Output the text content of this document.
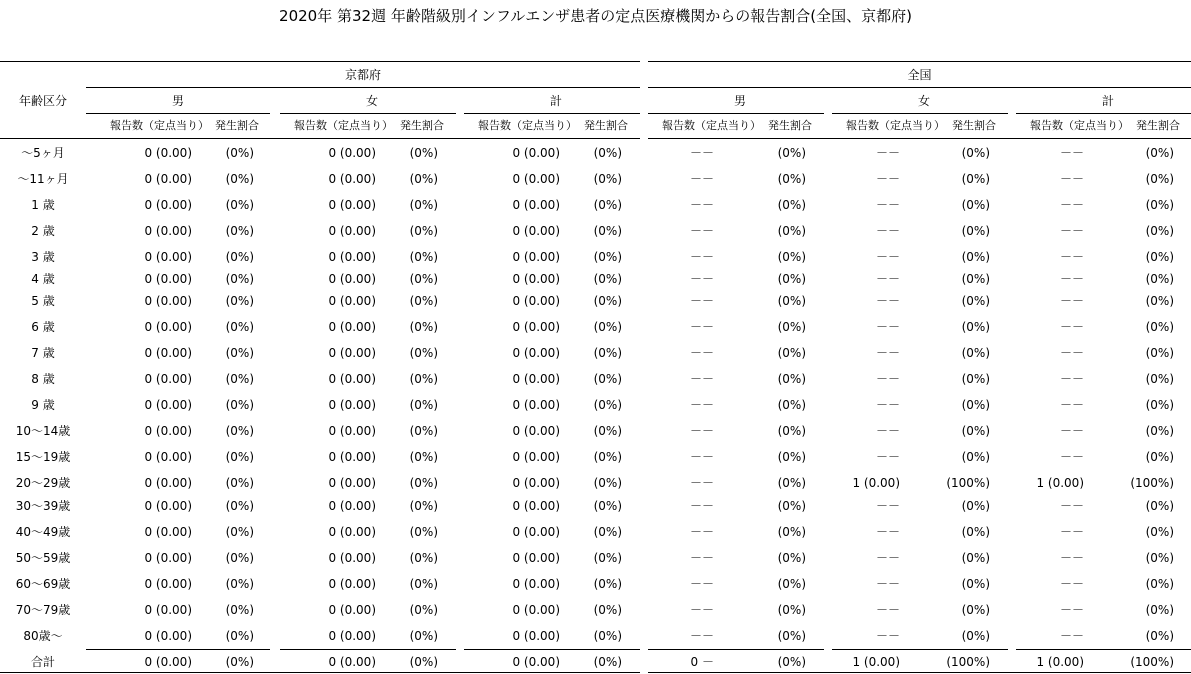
2020年 第32週 年齢階級別インフルエンザ患者の定点医療機関からの報告割合(全国、京都府)
年齢区分
京都府
男	女	計
全国
男	女	計
報告数（定点当り） 発生割合	報告数（定点当り） 発生割合	報告数（定点当り） 発生割合	報告数（定点当り） 発生割合	報告数（定点当り） 発生割合	報告数（定点当り） 発生割合
〜5ヶ月	0 (0.00)	(0%)	0 (0.00)	(0%)	0 (0.00)	(0%)	－－	(0%)	－－	(0%)	－－	(0%)
〜11ヶ月	0 (0.00)	(0%)	0 (0.00)	(0%)	0 (0.00)	(0%)	－－	(0%)	－－	(0%)	－－	(0%)
1 歳	0 (0.00)	(0%)	0 (0.00)	(0%)	0 (0.00)	(0%)	－－	(0%)	－－	(0%)	－－	(0%)
2 歳	0 (0.00)	(0%)	0 (0.00)	(0%)	0 (0.00)	(0%)	－－	(0%)	－－	(0%)	－－	(0%)
3 歳	0 (0.00)	(0%)	0 (0.00)	(0%)	0 (0.00)	(0%)	－－	(0%)	－－	(0%)	－－	(0%)
4 歳	0 (0.00)	(0%)	0 (0.00)	(0%)	0 (0.00)	(0%)	－－	(0%)	－－	(0%)	－－	(0%)
5 歳	0 (0.00)	(0%)	0 (0.00)	(0%)	0 (0.00)	(0%)	－－	(0%)	－－	(0%)	－－	(0%)
6 歳	0 (0.00)	(0%)	0 (0.00)	(0%)	0 (0.00)	(0%)	－－	(0%)	－－	(0%)	－－	(0%)
7 歳	0 (0.00)	(0%)	0 (0.00)	(0%)	0 (0.00)	(0%)	－－	(0%)	－－	(0%)	－－	(0%)
8 歳	0 (0.00)	(0%)	0 (0.00)	(0%)	0 (0.00)	(0%)	－－	(0%)	－－	(0%)	－－	(0%)
9 歳	0 (0.00)	(0%)	0 (0.00)	(0%)	0 (0.00)	(0%)	－－	(0%)	－－	(0%)	－－	(0%)
10〜14歳	0 (0.00)	(0%)	0 (0.00)	(0%)	0 (0.00)	(0%)	－－	(0%)	－－	(0%)	－－	(0%)
15〜19歳	0 (0.00)	(0%)	0 (0.00)	(0%)	0 (0.00)	(0%)	－－	(0%)	－－	(0%)	－－	(0%)
20〜29歳	0 (0.00)	(0%)	0 (0.00)	(0%)	0 (0.00)	(0%)	－－	(0%)	1 (0.00)	(100%)	1 (0.00)	(100%)
30〜39歳	0 (0.00)	(0%)	0 (0.00)	(0%)	0 (0.00)	(0%)	－－	(0%)	－－	(0%)	－－	(0%)
40〜49歳	0 (0.00)	(0%)	0 (0.00)	(0%)	0 (0.00)	(0%)	－－	(0%)	－－	(0%)	－－	(0%)
50〜59歳	0 (0.00)	(0%)	0 (0.00)	(0%)	0 (0.00)	(0%)	－－	(0%)	－－	(0%)	－－	(0%)
60〜69歳	0 (0.00)	(0%)	0 (0.00)	(0%)	0 (0.00)	(0%)	－－	(0%)	－－	(0%)	－－	(0%)
70〜79歳	0 (0.00)	(0%)	0 (0.00)	(0%)	0 (0.00)	(0%)	－－	(0%)	－－	(0%)	－－	(0%)
80歳〜	0 (0.00)	(0%)	0 (0.00)	(0%)	0 (0.00)	(0%)	－－	(0%)	－－	(0%)	－－	(0%)
合計	0 (0.00)	(0%)	0 (0.00)	(0%)	0 (0.00)	(0%)	0 －	(0%)	1 (0.00)	(100%)	1 (0.00)	(100%)
